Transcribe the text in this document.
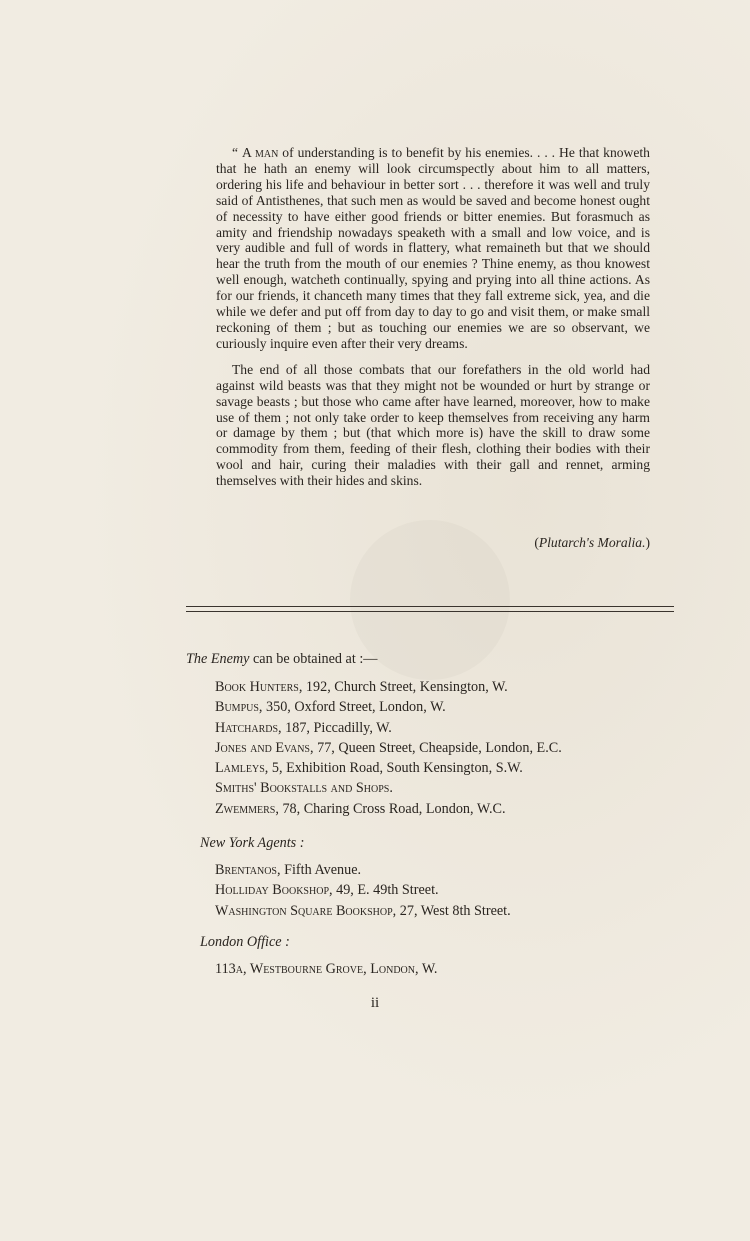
“ A man of understanding is to benefit by his enemies. . . . He that knoweth that he hath an enemy will look circumspectly about him to all matters, ordering his life and behaviour in better sort . . . therefore it was well and truly said of Antisthenes, that such men as would be saved and become honest ought of necessity to have either good friends or bitter enemies. But forasmuch as amity and friendship nowadays speaketh with a small and low voice, and is very audible and full of words in flattery, what remaineth but that we should hear the truth from the mouth of our enemies ? Thine enemy, as thou knowest well enough, watcheth continually, spying and prying into all thine actions. As for our friends, it chanceth many times that they fall extreme sick, yea, and die while we defer and put off from day to day to go and visit them, or make small reckoning of them ; but as touching our enemies we are so observant, we curiously inquire even after their very dreams.

The end of all those combats that our forefathers in the old world had against wild beasts was that they might not be wounded or hurt by strange or savage beasts ; but those who came after have learned, moreover, how to make use of them ; not only take order to keep themselves from receiving any harm or damage by them ; but (that which more is) have the skill to draw some commodity from them, feeding of their flesh, clothing their bodies with their wool and hair, curing their maladies with their gall and rennet, arming themselves with their hides and skins.

(Plutarch's Moralia.)
The Enemy can be obtained at :—
Book Hunters, 192, Church Street, Kensington, W.
Bumpus, 350, Oxford Street, London, W.
Hatchards, 187, Piccadilly, W.
Jones and Evans, 77, Queen Street, Cheapside, London, E.C.
Lamleys, 5, Exhibition Road, South Kensington, S.W.
Smiths' Bookstalls and Shops.
Zwemmers, 78, Charing Cross Road, London, W.C.
New York Agents :
Brentanos, Fifth Avenue.
Holliday Bookshop, 49, E. 49th Street.
Washington Square Bookshop, 27, West 8th Street.
London Office :
113a, Westbourne Grove, London, W.
ii
